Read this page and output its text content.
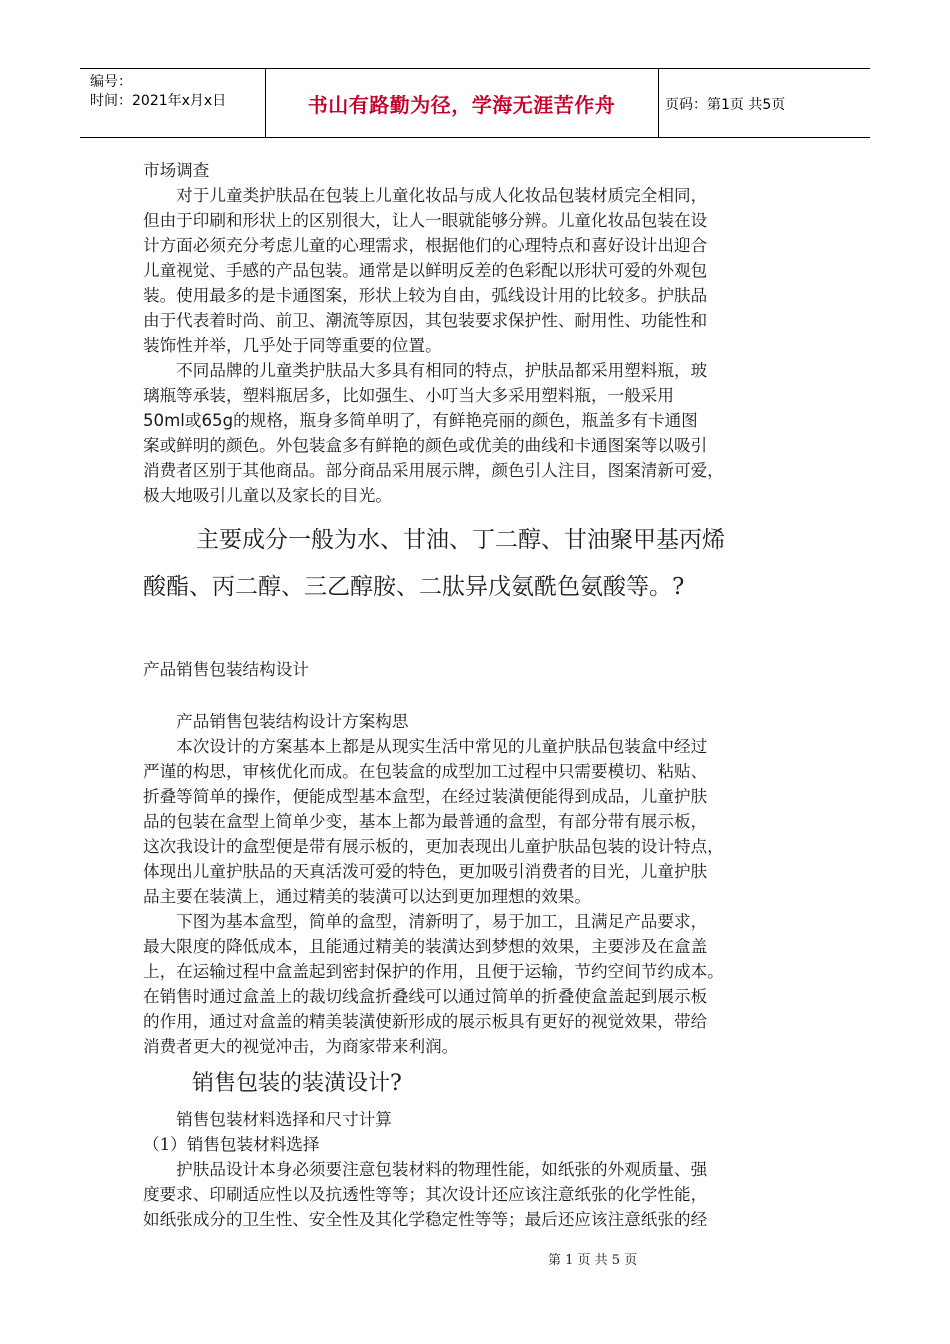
编号：
时间：2021年x月x日	书山有路勤为径，学海无涯苦作舟	页码：第1页 共5页
市场调查
　　对于儿童类护肤品在包装上儿童化妆品与成人化妆品包装材质完全相同，
但由于印刷和形状上的区别很大，让人一眼就能够分辨。儿童化妆品包装在设
计方面必须充分考虑儿童的心理需求，根据他们的心理特点和喜好设计出迎合
儿童视觉、手感的产品包装。通常是以鲜明反差的色彩配以形状可爱的外观包
装。使用最多的是卡通图案，形状上较为自由，弧线设计用的比较多。护肤品
由于代表着时尚、前卫、潮流等原因，其包装要求保护性、耐用性、功能性和
装饰性并举，几乎处于同等重要的位置。
　　不同品牌的儿童类护肤品大多具有相同的特点，护肤品都采用塑料瓶，玻
璃瓶等承装，塑料瓶居多，比如强生、小叮当大多采用塑料瓶，一般采用
50ml或65g的规格，瓶身多简单明了，有鲜艳亮丽的颜色，瓶盖多有卡通图
案或鲜明的颜色。外包装盒多有鲜艳的颜色或优美的曲线和卡通图案等以吸引
消费者区别于其他商品。部分商品采用展示牌，颜色引人注目，图案清新可爱，
极大地吸引儿童以及家长的目光。
主要成分一般为水、甘油、丁二醇、甘油聚甲基丙烯
酸酯、丙二醇、三乙醇胺、二肽异戊氨酰色氨酸等。?
产品销售包装结构设计
　　产品销售包装结构设计方案构思
　　本次设计的方案基本上都是从现实生活中常见的儿童护肤品包装盒中经过
严谨的构思，审核优化而成。在包装盒的成型加工过程中只需要模切、粘贴、
折叠等简单的操作，便能成型基本盒型，在经过装潢便能得到成品，儿童护肤
品的包装在盒型上简单少变，基本上都为最普通的盒型，有部分带有展示板，
这次我设计的盒型便是带有展示板的，更加表现出儿童护肤品包装的设计特点，
体现出儿童护肤品的天真活泼可爱的特色，更加吸引消费者的目光，儿童护肤
品主要在装潢上，通过精美的装潢可以达到更加理想的效果。
　　下图为基本盒型，简单的盒型，清新明了，易于加工，且满足产品要求，
最大限度的降低成本，且能通过精美的装潢达到梦想的效果，主要涉及在盒盖
上，在运输过程中盒盖起到密封保护的作用，且便于运输，节约空间节约成本。
在销售时通过盒盖上的裁切线盒折叠线可以通过简单的折叠使盒盖起到展示板
的作用，通过对盒盖的精美装潢使新形成的展示板具有更好的视觉效果，带给
消费者更大的视觉冲击，为商家带来利润。
销售包装的装潢设计?
　　销售包装材料选择和尺寸计算
（1）销售包装材料选择
　　护肤品设计本身必须要注意包装材料的物理性能，如纸张的外观质量、强
度要求、印刷适应性以及抗透性等等；其次设计还应该注意纸张的化学性能，
如纸张成分的卫生性、安全性及其化学稳定性等等；最后还应该注意纸张的经
第 1 页 共 5 页
